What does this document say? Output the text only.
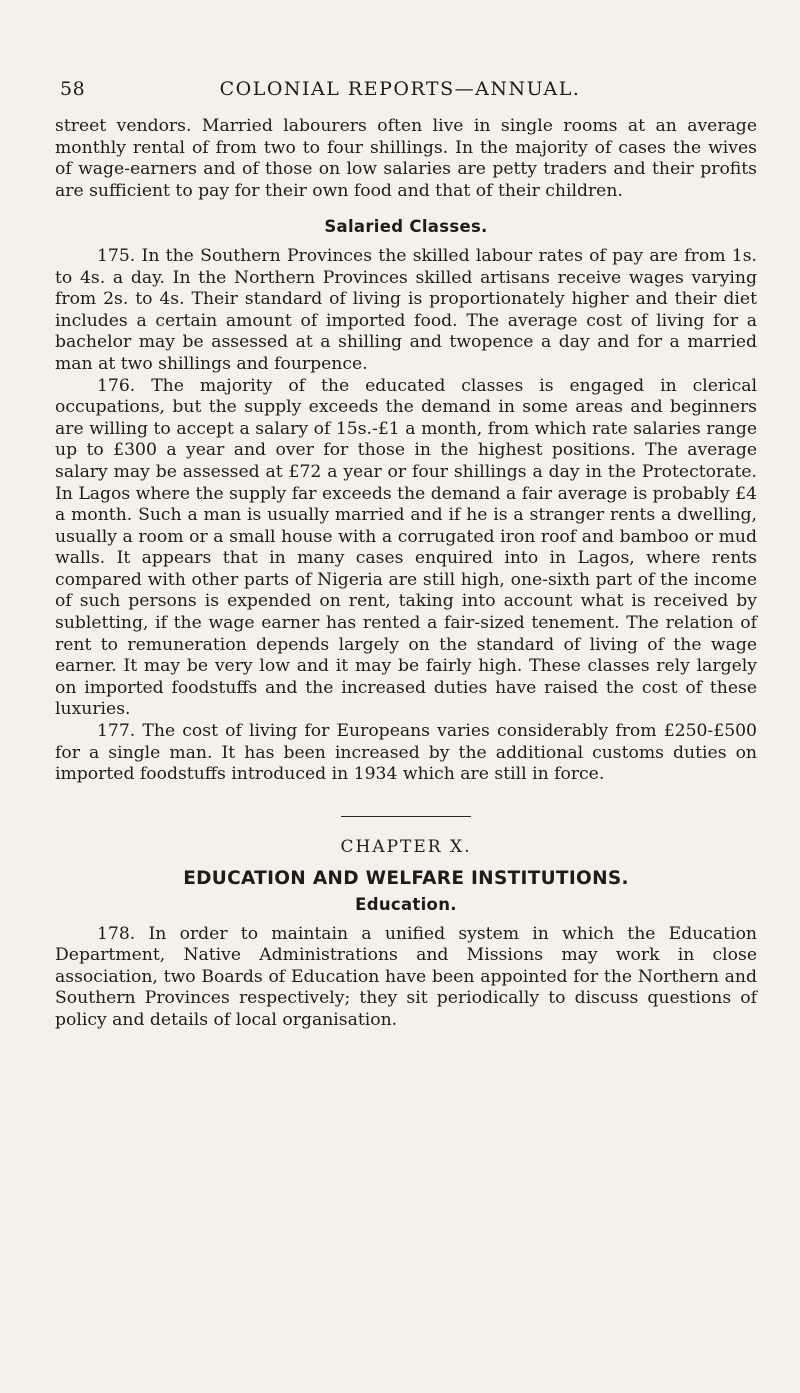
58	COLONIAL REPORTS—ANNUAL.

street vendors. Married labourers often live in single rooms at an average monthly rental of from two to four shillings. In the majority of cases the wives of wage-earners and of those on low salaries are petty traders and their profits are sufficient to pay for their own food and that of their children.

Salaried Classes.

175. In the Southern Provinces the skilled labour rates of pay are from 1s. to 4s. a day. In the Northern Provinces skilled artisans receive wages varying from 2s. to 4s. Their standard of living is proportionately higher and their diet includes a certain amount of imported food. The average cost of living for a bachelor may be assessed at a shilling and twopence a day and for a married man at two shillings and fourpence.

176. The majority of the educated classes is engaged in clerical occupations, but the supply exceeds the demand in some areas and beginners are willing to accept a salary of 15s.-£1 a month, from which rate salaries range up to £300 a year and over for those in the highest positions. The average salary may be assessed at £72 a year or four shillings a day in the Protectorate. In Lagos where the supply far exceeds the demand a fair average is probably £4 a month. Such a man is usually married and if he is a stranger rents a dwelling, usually a room or a small house with a corrugated iron roof and bamboo or mud walls. It appears that in many cases enquired into in Lagos, where rents compared with other parts of Nigeria are still high, one-sixth part of the income of such persons is expended on rent, taking into account what is received by subletting, if the wage earner has rented a fair-sized tenement. The relation of rent to remuneration depends largely on the standard of living of the wage earner. It may be very low and it may be fairly high. These classes rely largely on imported foodstuffs and the increased duties have raised the cost of these luxuries.

177. The cost of living for Europeans varies considerably from £250-£500 for a single man. It has been increased by the additional customs duties on imported foodstuffs introduced in 1934 which are still in force.

CHAPTER X.
EDUCATION AND WELFARE INSTITUTIONS.
Education.

178. In order to maintain a unified system in which the Education Department, Native Administrations and Missions may work in close association, two Boards of Education have been appointed for the Northern and Southern Provinces respectively; they sit periodically to discuss questions of policy and details of local organisation.
